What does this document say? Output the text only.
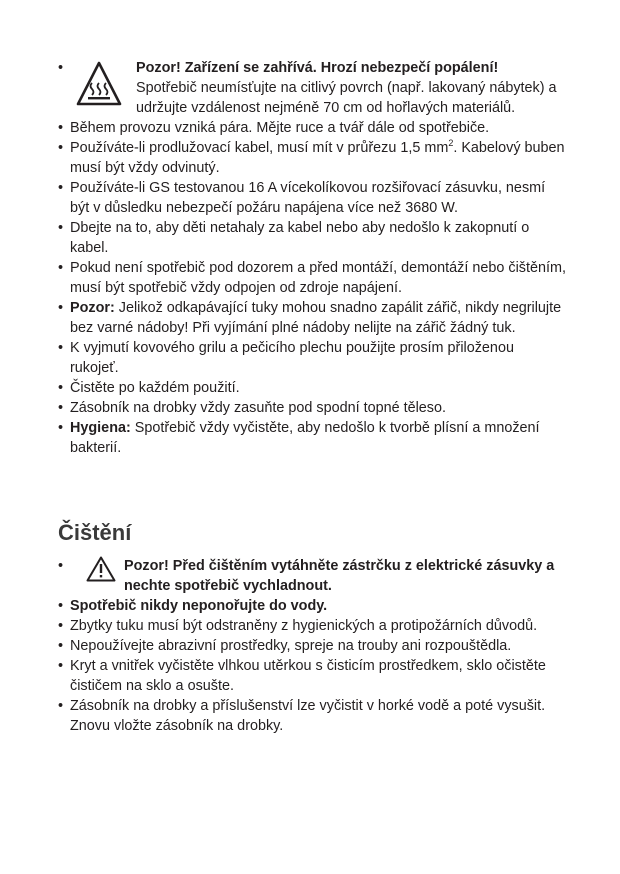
• Pozor! Zařízení se zahřívá. Hrozí nebezpečí popálení!
Spotřebič neumísťujte na citlivý povrch (např. lakovaný nábytek) a udržujte vzdálenost nejméně 70 cm od hořlavých materiálů.
• Během provozu vzniká pára. Mějte ruce a tvář dále od spotřebiče.
• Používáte-li prodlužovací kabel, musí mít v průřezu 1,5 $mm^2$. Kabelový buben musí být vždy odvinutý.
• Používáte-li GS testovanou 16 A vícekolíkovou rozšiřovací zásuvku, nesmí být v důsledku nebezpečí požáru napájena více než 3680 W.
• Dbejte na to, aby děti netahaly za kabel nebo aby nedošlo k zakopnutí o kabel.
• Pokud není spotřebič pod dozorem a před montáží, demontáží nebo čištěním, musí být spotřebič vždy odpojen od zdroje napájení.
• Pozor: Jelikož odkapávající tuky mohou snadno zapálit zářič, nikdy negrilujte bez varné nádoby! Při vyjímání plné nádoby nelijte na zářič žádný tuk.
• K vyjmutí kovového grilu a pečicího plechu použijte prosím přiloženou rukojeť.
• Čistěte po každém použití.
• Zásobník na drobky vždy zasuňte pod spodní topné těleso.
• Hygiena: Spotřebič vždy vyčistěte, aby nedošlo k tvorbě plísní a množení bakterií.
Čištění
• Pozor! Před čištěním vytáhněte zástrčku z elektrické zásuvky a nechte spotřebič vychladnout.
• Spotřebič nikdy neponořujte do vody.
• Zbytky tuku musí být odstraněny z hygienických a protipožárních důvodů.
• Nepoužívejte abrazivní prostředky, spreje na trouby ani rozpouštědla.
• Kryt a vnitřek vyčistěte vlhkou utěrkou s čisticím prostředkem, sklo očistěte čističem na sklo a osušte.
• Zásobník na drobky a příslušenství lze vyčistit v horké vodě a poté vysušit. Znovu vložte zásobník na drobky.
